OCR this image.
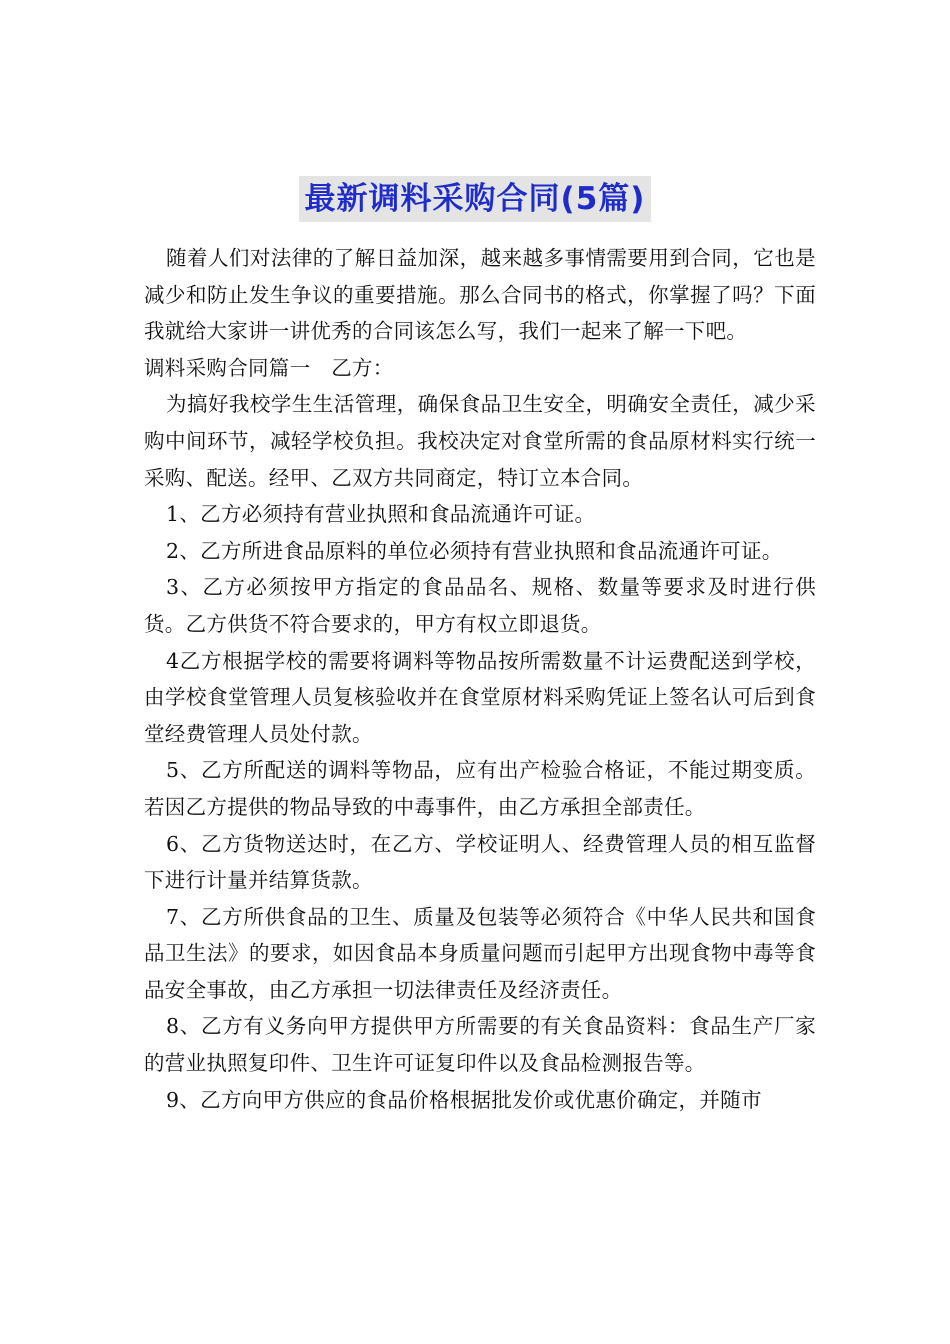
最新调料采购合同(5篇)

随着人们对法律的了解日益加深，越来越多事情需要用到合同，它也是减少和防止发生争议的重要措施。那么合同书的格式，你掌握了吗？下面我就给大家讲一讲优秀的合同该怎么写，我们一起来了解一下吧。

调料采购合同篇一　乙方：

为搞好我校学生生活管理，确保食品卫生安全，明确安全责任，减少采购中间环节，减轻学校负担。我校决定对食堂所需的食品原材料实行统一采购、配送。经甲、乙双方共同商定，特订立本合同。

1、乙方必须持有营业执照和食品流通许可证。

2、乙方所进食品原料的单位必须持有营业执照和食品流通许可证。

3、乙方必须按甲方指定的食品品名、规格、数量等要求及时进行供货。乙方供货不符合要求的，甲方有权立即退货。

4乙方根据学校的需要将调料等物品按所需数量不计运费配送到学校，由学校食堂管理人员复核验收并在食堂原材料采购凭证上签名认可后到食堂经费管理人员处付款。

5、乙方所配送的调料等物品，应有出产检验合格证，不能过期变质。若因乙方提供的物品导致的中毒事件，由乙方承担全部责任。

6、乙方货物送达时，在乙方、学校证明人、经费管理人员的相互监督下进行计量并结算货款。

7、乙方所供食品的卫生、质量及包装等必须符合《中华人民共和国食品卫生法》的要求，如因食品本身质量问题而引起甲方出现食物中毒等食品安全事故，由乙方承担一切法律责任及经济责任。

8、乙方有义务向甲方提供甲方所需要的有关食品资料：食品生产厂家的营业执照复印件、卫生许可证复印件以及食品检测报告等。

9、乙方向甲方供应的食品价格根据批发价或优惠价确定，并随市
